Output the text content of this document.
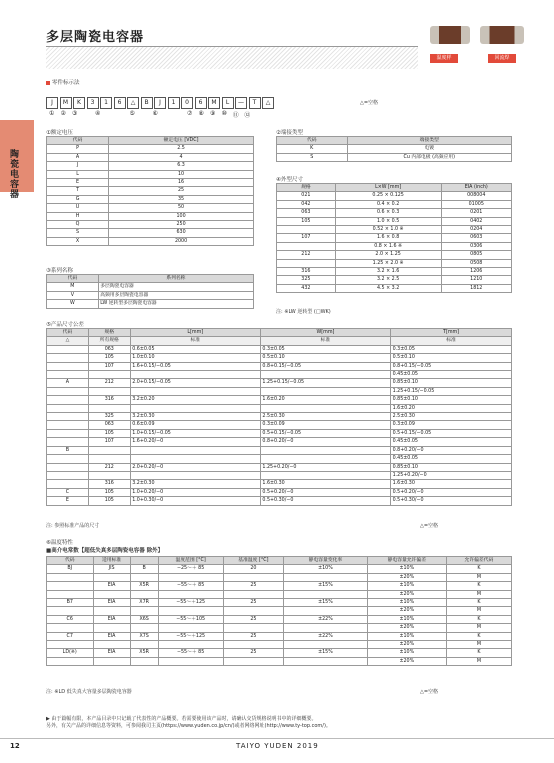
多层陶瓷电容器
温度样	回流焊
陶瓷电容器
零件标示法
J	M	K	3	1	6	△	B	J	1	0	6	M	L	—	T	△
①	②	③	④	⑤	⑥	⑦	⑧	⑨	⑩ ⑪ ⑫
△=空格
①额定电压
代码	额定电压 [VDC]
P	2.5
A	4
J	6.3
L	10
E	16
T	25
G	35
U	50
H	100
Q	250
S	630
X	2000
②端接类型
代码	端接类型
K	电镀
S	Cu 内部电极 (高频应用)
④外型尺寸
规格	L×W [mm]	EIA (inch)
021	0.25 × 0.125	008004
042	0.4 × 0.2	01005
063	0.6 × 0.3	0201
105	1.0 × 0.5	0402
	0.52 × 1.0 ※	0204
107	1.6 × 0.8	0603
	0.8 × 1.6 ※	0306
212	2.0 × 1.25	0805
	1.25 × 2.0 ※	0508
316	3.2 × 1.6	1206
325	3.2 × 2.5	1210
432	4.5 × 3.2	1812
注: ※LW 逆转型 (□WK)
③系列名称
代码	系列名称
M	多层陶瓷电容器
V	高频用多层陶瓷电容器
W	LW 逆转型多层陶瓷电容器
⑤产品尺寸公差
代码	规格	L[mm]	W[mm]	T[mm]
△	所有规格	标准	标准	标准
	063	0.6±0.05	0.3±0.05	0.3±0.05
	105	1.0±0.10	0.5±0.10	0.5±0.10
	107	1.6+0.15/−0.05	0.8+0.15/−0.05	0.8+0.15/−0.05
				0.45±0.05
A	212	2.0+0.15/−0.05	1.25+0.15/−0.05	0.85±0.10
				1.25+0.15/−0.05
	316	3.2±0.20	1.6±0.20	0.85±0.10
				1.6±0.20
	325	3.2±0.30	2.5±0.30	2.5±0.30
	063	0.6±0.09	0.3±0.09	0.3±0.09
	105	1.0+0.15/−0.05	0.5+0.15/−0.05	0.5+0.15/−0.05
	107	1.6+0.20/−0	0.8+0.20/−0	0.45±0.05
B				0.8+0.20/−0
				0.45±0.05
	212	2.0+0.20/−0	1.25+0.20/−0	0.85±0.10
				1.25+0.20/−0
	316	3.2±0.30	1.6±0.30	1.6±0.30
C	105	1.0+0.20/−0	0.5+0.20/−0	0.5+0.20/−0
E	105	1.0+0.30/−0	0.5+0.30/−0	0.5+0.30/−0
注: 参照标准产品的尺寸	△=空格
⑥温度特性
■高介电常数【超低失真多层陶瓷电容器 除外】
代码	适用标准		温度范围 [°C]	基准温度 [°C]	静电容量变化率	静电容量允许偏差	允许偏差代码
BJ	JIS	B	−25～＋ 85	20	±10%	±10%	K
						±20%	M
	EIA	X5R	−55～＋ 85	25	±15%	±10%	K
						±20%	M
B7	EIA	X7R	−55～＋125	25	±15%	±10%	K
						±20%	M
C6	EIA	X6S	−55～＋105	25	±22%	±10%	K
						±20%	M
C7	EIA	X7S	−55～＋125	25	±22%	±10%	K
						±20%	M
LD(※)	EIA	X5R	−55～＋ 85	25	±15%	±10%	K
						±20%	M
注: ※LD 低失真大容量多层陶瓷电容器	△=空格
▶ 由于篇幅有限，本产品目录中只记载了代表性的产品概要。若需要使用该产品时，请确认交货规格说明书中的详细概要。
另外，有关产品的详细信息等资料，可参阅我司主页(https://www.yuden.co.jp/cn/)或者网络网址(http://www.ty-top.com/)。
12	TAIYO YUDEN 2019
